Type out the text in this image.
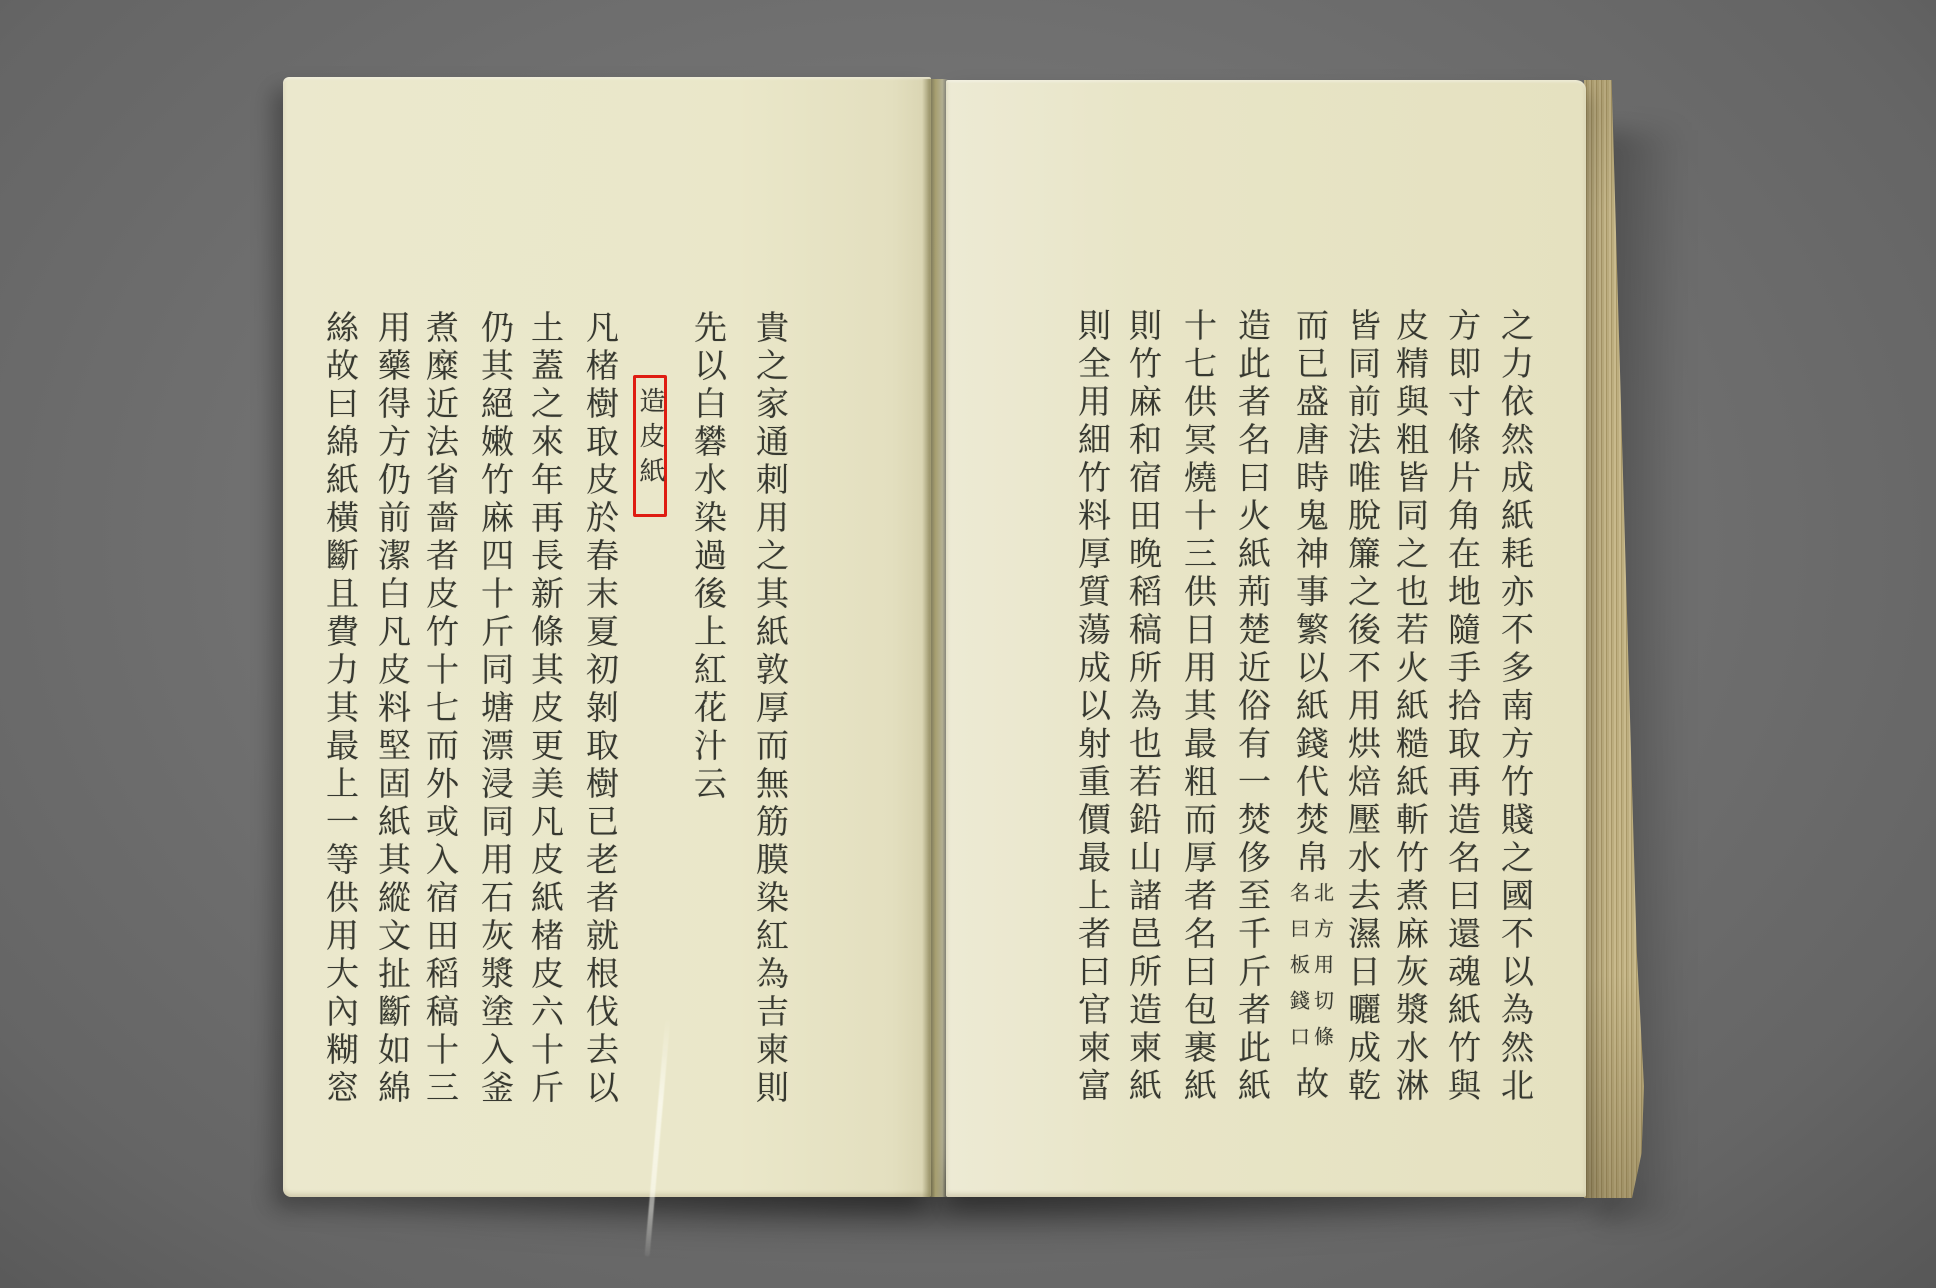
貴之家通刺用之其紙敦厚而無筋膜染紅為吉柬則
先以白礬水染過後上紅花汁云
造皮紙
凡楮樹取皮於春末夏初剝取樹已老者就根伐去以
土蓋之來年再長新條其皮更美凡皮紙楮皮六十斤
仍其絕嫩竹麻四十斤同塘漂浸同用石灰漿塗入釜
煮糜近法省嗇者皮竹十七而外或入宿田稻稿十三
用藥得方仍前潔白凡皮料堅固紙其縱文扯斷如綿
絲故曰綿紙橫斷且費力其最上一等供用大內糊窓	之力依然成紙耗亦不多南方竹賤之國不以為然北
方即寸條片角在地隨手拾取再造名曰還魂紙竹與
皮精與粗皆同之也若火紙糙紙斬竹煮麻灰漿水淋
皆同前法唯脫簾之後不用烘焙壓水去濕日曬成乾
而已盛唐時鬼神事繁以紙錢代焚帛
北方用切條
名曰板錢口
故
造此者名曰火紙荊楚近俗有一焚侈至千斤者此紙
十七供冥燒十三供日用其最粗而厚者名曰包裹紙
則竹麻和宿田晚稻稿所為也若鉛山諸邑所造柬紙
則全用細竹料厚質蕩成以射重價最上者曰官柬富
